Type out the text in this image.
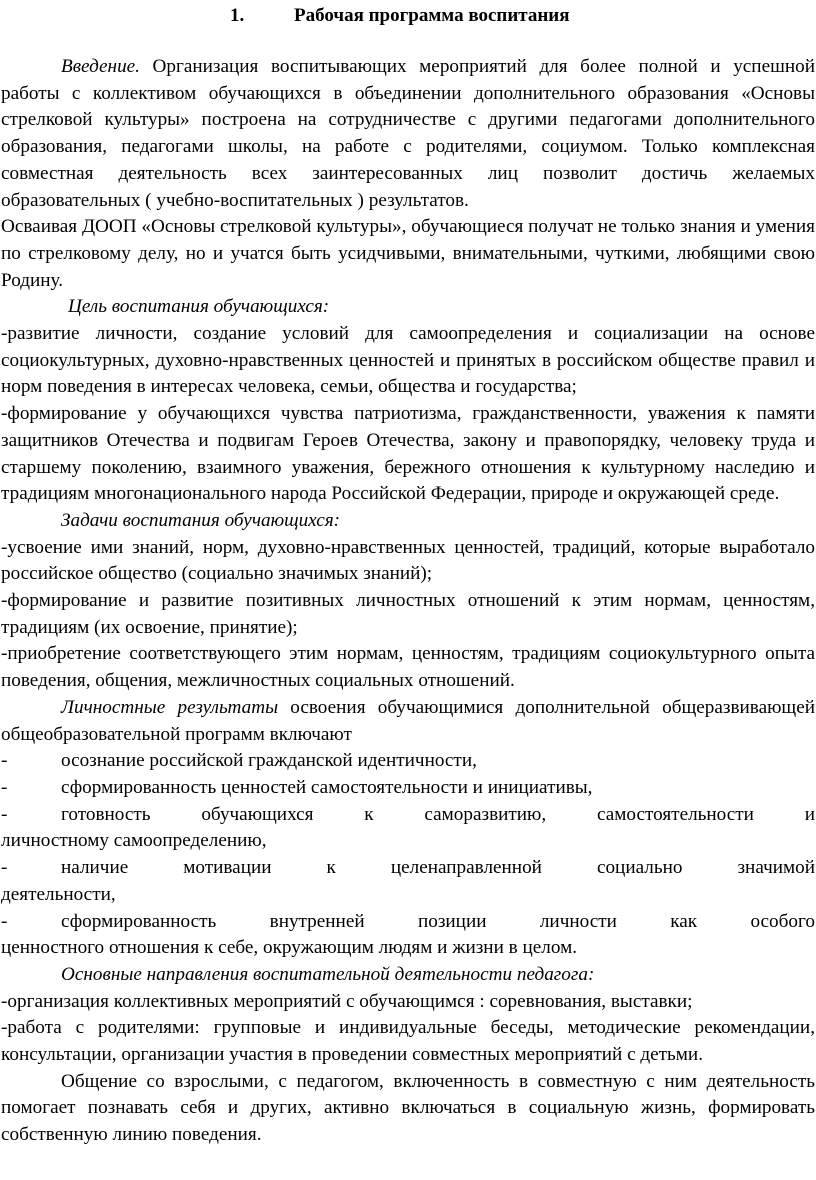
1.	Рабочая программа воспитания

Введение. Организация воспитывающих мероприятий для более полной и успешной работы с коллективом обучающихся в объединении дополнительного образования «Основы стрелковой культуры» построена на сотрудничестве с другими педагогами дополнительного образования, педагогами школы, на работе с родителями, социумом. Только комплексная совместная деятельность всех заинтересованных лиц позволит достичь желаемых образовательных ( учебно-воспитательных ) результатов.

Осваивая ДООП «Основы стрелковой культуры», обучающиеся получат не только знания и умения по стрелковому делу, но и учатся быть усидчивыми, внимательными, чуткими, любящими свою Родину.

Цель воспитания обучающихся:

-развитие личности, создание условий для самоопределения и социализации на основе социокультурных, духовно-нравственных ценностей и принятых в российском обществе правил и норм поведения в интересах человека, семьи, общества и государства;

-формирование у обучающихся чувства патриотизма, гражданственности, уважения к памяти защитников Отечества и подвигам Героев Отечества, закону и правопорядку, человеку труда и старшему поколению, взаимного уважения, бережного отношения к культурному наследию и традициям многонационального народа Российской Федерации, природе и окружающей среде.

Задачи воспитания обучающихся:

-усвоение ими знаний, норм, духовно-нравственных ценностей, традиций, которые выработало российское общество (социально значимых знаний);

-формирование и развитие позитивных личностных отношений к этим нормам, ценностям, традициям (их освоение, принятие);

-приобретение соответствующего этим нормам, ценностям, традициям социокультурного опыта поведения, общения, межличностных социальных отношений.

Личностные результаты освоения обучающимися дополнительной общеразвивающей общеобразовательной программ включают

-	осознание российской гражданской идентичности,
-	сформированность ценностей самостоятельности и инициативы,
-	готовность обучающихся к саморазвитию, самостоятельности и
личностному самоопределению,
-	наличие мотивации к целенаправленной социально значимой
деятельности,
-	сформированность внутренней позиции личности как особого
ценностного отношения к себе, окружающим людям и жизни в целом.

Основные направления воспитательной деятельности педагога:

-организация коллективных мероприятий с обучающимся : соревнования, выставки;

-работа с родителями: групповые и индивидуальные беседы, методические рекомендации, консультации, организации участия в проведении совместных мероприятий с детьми.

Общение со взрослыми, с педагогом, включенность в совместную с ним деятельность помогает познавать себя и других, активно включаться в социальную жизнь, формировать собственную линию поведения.
